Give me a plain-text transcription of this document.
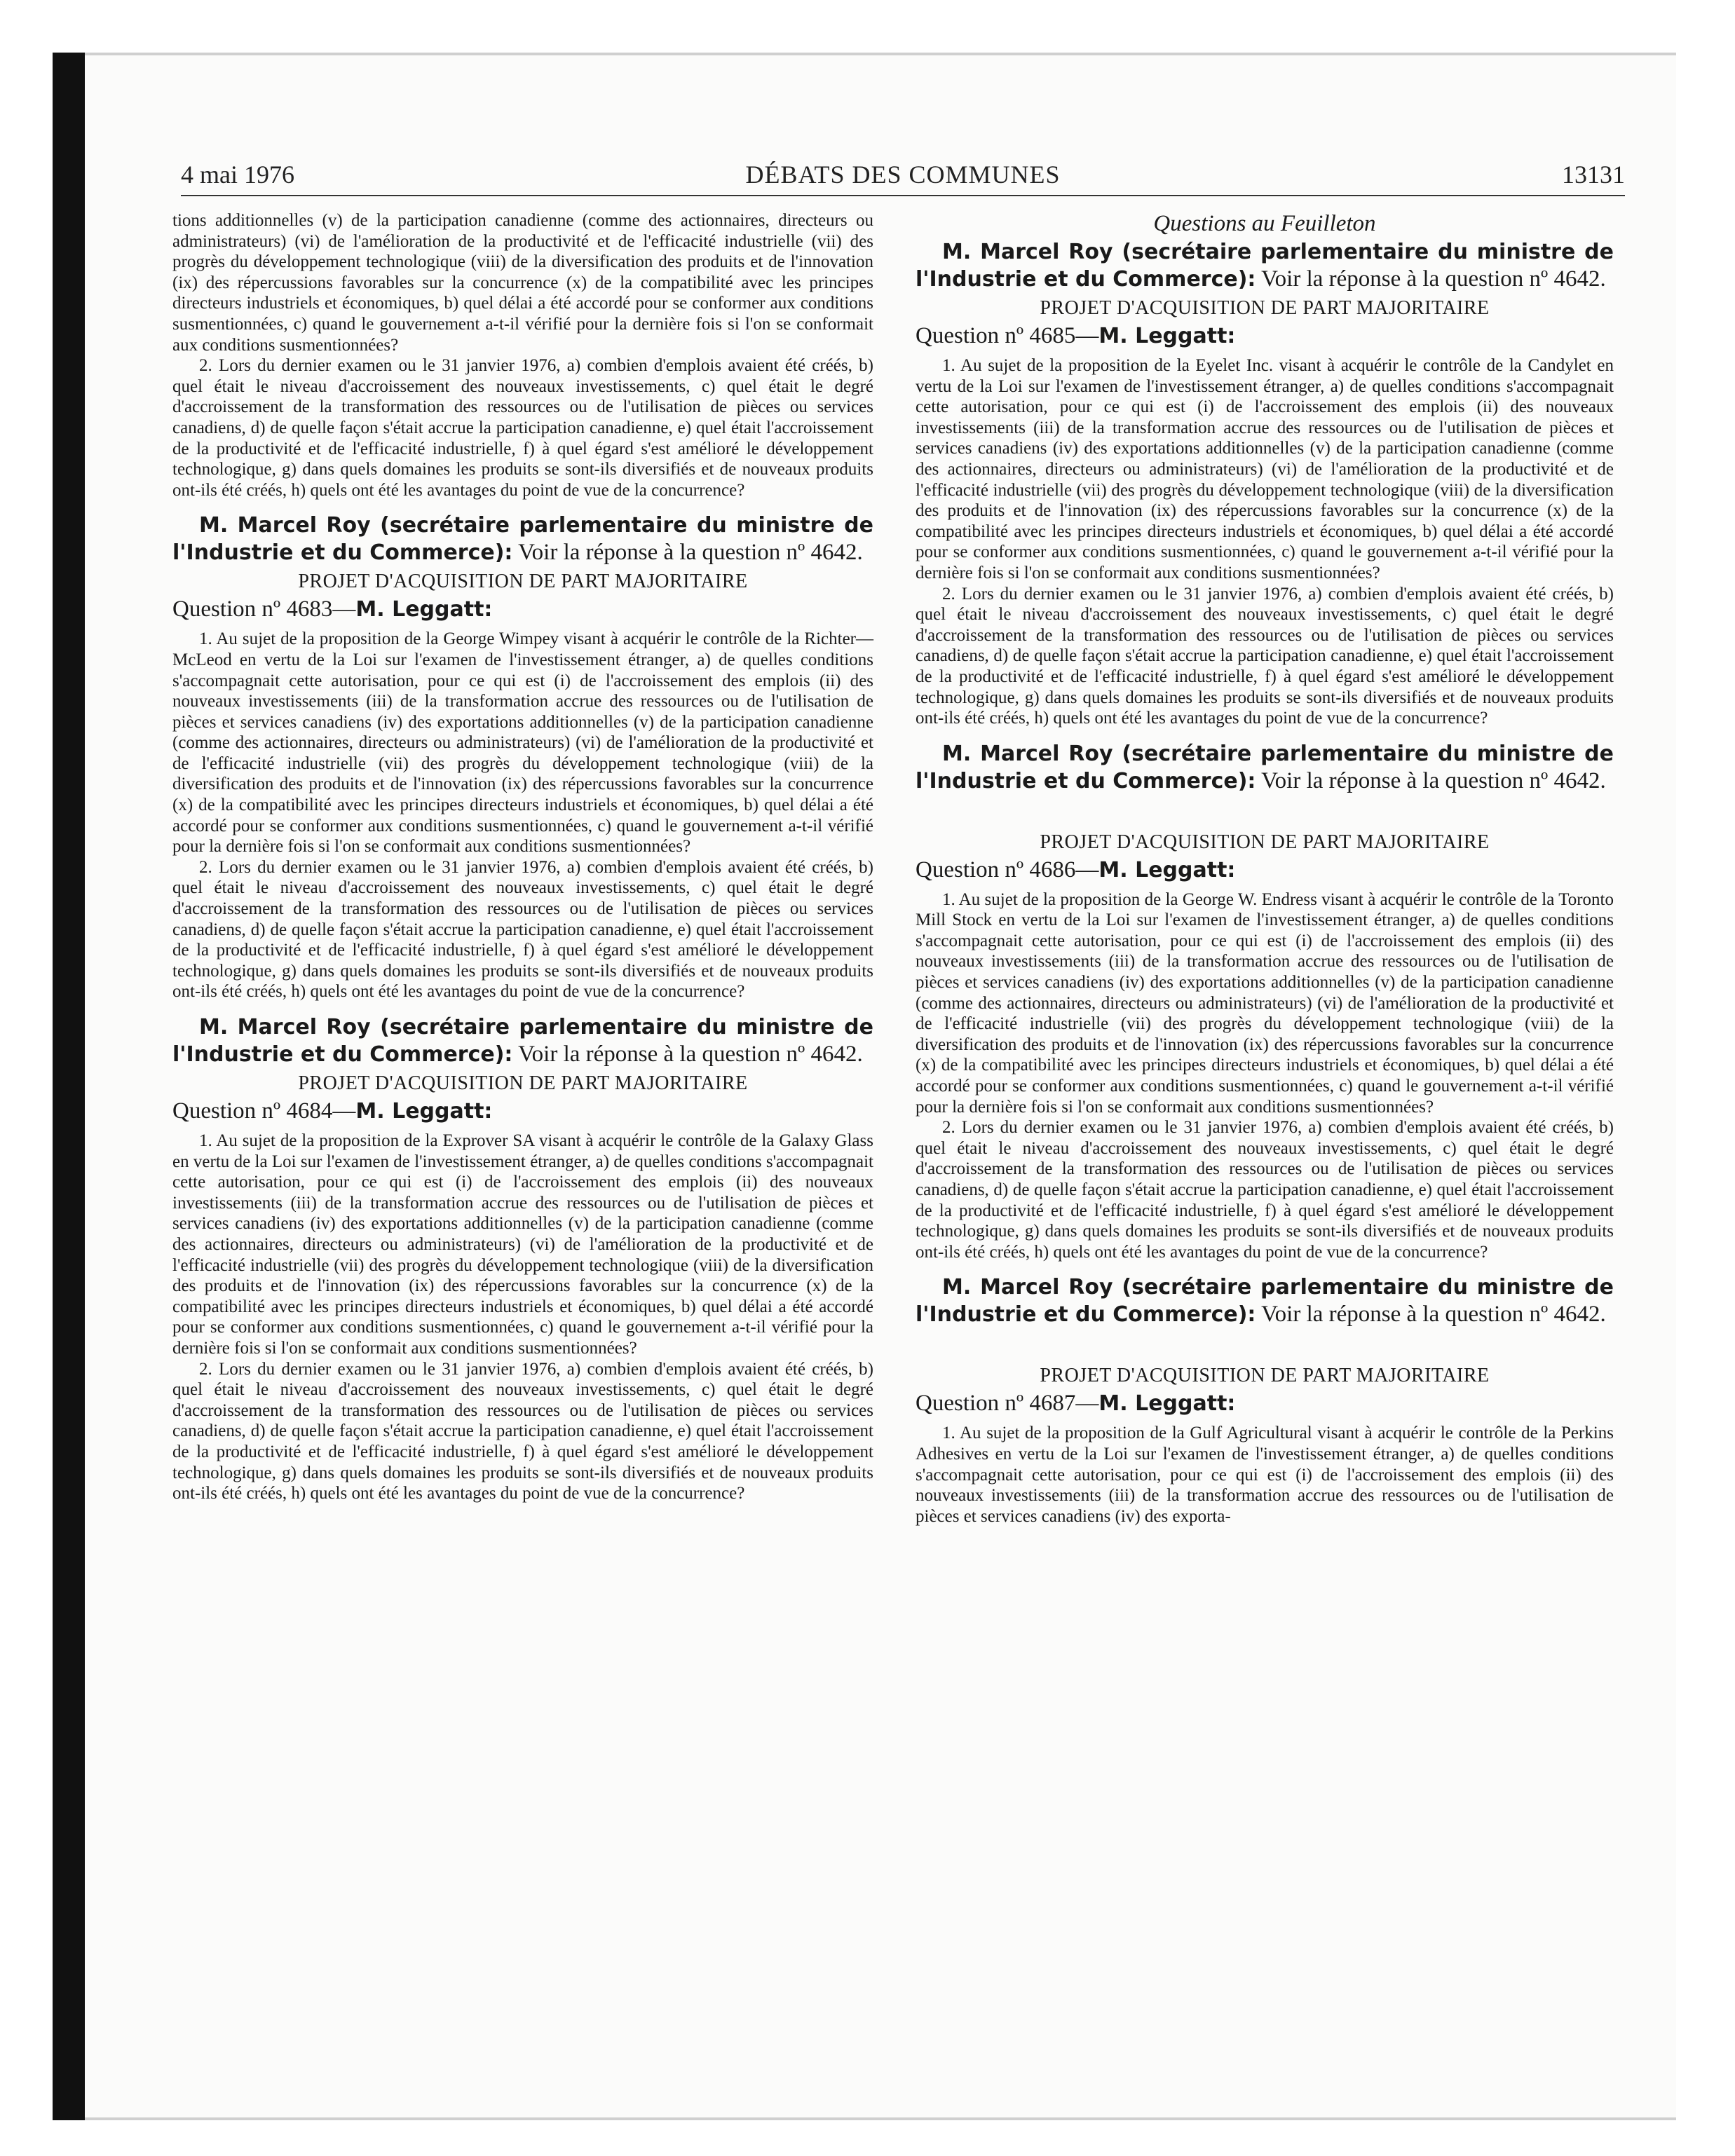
4 mai 1976	DÉBATS DES COMMUNES	13131

tions additionnelles (v) de la participation canadienne (comme des actionnaires, directeurs ou administrateurs) (vi) de l'amélioration de la productivité et de l'efficacité industrielle (vii) des progrès du développement technologique (viii) de la diversification des produits et de l'innovation (ix) des répercussions favorables sur la concurrence (x) de la compatibilité avec les principes directeurs industriels et économiques, b) quel délai a été accordé pour se conformer aux conditions susmentionnées, c) quand le gouvernement a-t-il vérifié pour la dernière fois si l'on se conformait aux conditions susmentionnées?

2. Lors du dernier examen ou le 31 janvier 1976, a) combien d'emplois avaient été créés, b) quel était le niveau d'accroissement des nouveaux investissements, c) quel était le degré d'accroissement de la transformation des ressources ou de l'utilisation de pièces ou services canadiens, d) de quelle façon s'était accrue la participation canadienne, e) quel était l'accroissement de la productivité et de l'efficacité industrielle, f) à quel égard s'est amélioré le développement technologique, g) dans quels domaines les produits se sont-ils diversifiés et de nouveaux produits ont-ils été créés, h) quels ont été les avantages du point de vue de la concurrence?

M. Marcel Roy (secrétaire parlementaire du ministre de l'Industrie et du Commerce): Voir la réponse à la question nº 4642.
PROJET D'ACQUISITION DE PART MAJORITAIRE
Question nº 4683—M. Leggatt:

1. Au sujet de la proposition de la George Wimpey visant à acquérir le contrôle de la Richter—McLeod en vertu de la Loi sur l'examen de l'investissement étranger, a) de quelles conditions s'accompagnait cette autorisation, pour ce qui est (i) de l'accroissement des emplois (ii) des nouveaux investissements (iii) de la transformation accrue des ressources ou de l'utilisation de pièces et services canadiens (iv) des exportations additionnelles (v) de la participation canadienne (comme des actionnaires, directeurs ou administrateurs) (vi) de l'amélioration de la productivité et de l'efficacité industrielle (vii) des progrès du développement technologique (viii) de la diversification des produits et de l'innovation (ix) des répercussions favorables sur la concurrence (x) de la compatibilité avec les principes directeurs industriels et économiques, b) quel délai a été accordé pour se conformer aux conditions susmentionnées, c) quand le gouvernement a-t-il vérifié pour la dernière fois si l'on se conformait aux conditions susmentionnées?

2. Lors du dernier examen ou le 31 janvier 1976, a) combien d'emplois avaient été créés, b) quel était le niveau d'accroissement des nouveaux investissements, c) quel était le degré d'accroissement de la transformation des ressources ou de l'utilisation de pièces ou services canadiens, d) de quelle façon s'était accrue la participation canadienne, e) quel était l'accroissement de la productivité et de l'efficacité industrielle, f) à quel égard s'est amélioré le développement technologique, g) dans quels domaines les produits se sont-ils diversifiés et de nouveaux produits ont-ils été créés, h) quels ont été les avantages du point de vue de la concurrence?

M. Marcel Roy (secrétaire parlementaire du ministre de l'Industrie et du Commerce): Voir la réponse à la question nº 4642.
PROJET D'ACQUISITION DE PART MAJORITAIRE
Question nº 4684—M. Leggatt:

1. Au sujet de la proposition de la Exprover SA visant à acquérir le contrôle de la Galaxy Glass en vertu de la Loi sur l'examen de l'investissement étranger, a) de quelles conditions s'accompagnait cette autorisation, pour ce qui est (i) de l'accroissement des emplois (ii) des nouveaux investissements (iii) de la transformation accrue des ressources ou de l'utilisation de pièces et services canadiens (iv) des exportations additionnelles (v) de la participation canadienne (comme des actionnaires, directeurs ou administrateurs) (vi) de l'amélioration de la productivité et de l'efficacité industrielle (vii) des progrès du développement technologique (viii) de la diversification des produits et de l'innovation (ix) des répercussions favorables sur la concurrence (x) de la compatibilité avec les principes directeurs industriels et économiques, b) quel délai a été accordé pour se conformer aux conditions susmentionnées, c) quand le gouvernement a-t-il vérifié pour la dernière fois si l'on se conformait aux conditions susmentionnées?

2. Lors du dernier examen ou le 31 janvier 1976, a) combien d'emplois avaient été créés, b) quel était le niveau d'accroissement des nouveaux investissements, c) quel était le degré d'accroissement de la transformation des ressources ou de l'utilisation de pièces ou services canadiens, d) de quelle façon s'était accrue la participation canadienne, e) quel était l'accroissement de la productivité et de l'efficacité industrielle, f) à quel égard s'est amélioré le développement technologique, g) dans quels domaines les produits se sont-ils diversifiés et de nouveaux produits ont-ils été créés, h) quels ont été les avantages du point de vue de la concurrence?

Questions au Feuilleton
M. Marcel Roy (secrétaire parlementaire du ministre de l'Industrie et du Commerce): Voir la réponse à la question nº 4642.
PROJET D'ACQUISITION DE PART MAJORITAIRE
Question nº 4685—M. Leggatt:

1. Au sujet de la proposition de la Eyelet Inc. visant à acquérir le contrôle de la Candylet en vertu de la Loi sur l'examen de l'investissement étranger, a) de quelles conditions s'accompagnait cette autorisation, pour ce qui est (i) de l'accroissement des emplois (ii) des nouveaux investissements (iii) de la transformation accrue des ressources ou de l'utilisation de pièces et services canadiens (iv) des exportations additionnelles (v) de la participation canadienne (comme des actionnaires, directeurs ou administrateurs) (vi) de l'amélioration de la productivité et de l'efficacité industrielle (vii) des progrès du développement technologique (viii) de la diversification des produits et de l'innovation (ix) des répercussions favorables sur la concurrence (x) de la compatibilité avec les principes directeurs industriels et économiques, b) quel délai a été accordé pour se conformer aux conditions susmentionnées, c) quand le gouvernement a-t-il vérifié pour la dernière fois si l'on se conformait aux conditions susmentionnées?

2. Lors du dernier examen ou le 31 janvier 1976, a) combien d'emplois avaient été créés, b) quel était le niveau d'accroissement des nouveaux investissements, c) quel était le degré d'accroissement de la transformation des ressources ou de l'utilisation de pièces ou services canadiens, d) de quelle façon s'était accrue la participation canadienne, e) quel était l'accroissement de la productivité et de l'efficacité industrielle, f) à quel égard s'est amélioré le développement technologique, g) dans quels domaines les produits se sont-ils diversifiés et de nouveaux produits ont-ils été créés, h) quels ont été les avantages du point de vue de la concurrence?

M. Marcel Roy (secrétaire parlementaire du ministre de l'Industrie et du Commerce): Voir la réponse à la question nº 4642.
PROJET D'ACQUISITION DE PART MAJORITAIRE
Question nº 4686—M. Leggatt:

1. Au sujet de la proposition de la George W. Endress visant à acquérir le contrôle de la Toronto Mill Stock en vertu de la Loi sur l'examen de l'investissement étranger, a) de quelles conditions s'accompagnait cette autorisation, pour ce qui est (i) de l'accroissement des emplois (ii) des nouveaux investissements (iii) de la transformation accrue des ressources ou de l'utilisation de pièces et services canadiens (iv) des exportations additionnelles (v) de la participation canadienne (comme des actionnaires, directeurs ou administrateurs) (vi) de l'amélioration de la productivité et de l'efficacité industrielle (vii) des progrès du développement technologique (viii) de la diversification des produits et de l'innovation (ix) des répercussions favorables sur la concurrence (x) de la compatibilité avec les principes directeurs industriels et économiques, b) quel délai a été accordé pour se conformer aux conditions susmentionnées, c) quand le gouvernement a-t-il vérifié pour la dernière fois si l'on se conformait aux conditions susmentionnées?

2. Lors du dernier examen ou le 31 janvier 1976, a) combien d'emplois avaient été créés, b) quel était le niveau d'accroissement des nouveaux investissements, c) quel était le degré d'accroissement de la transformation des ressources ou de l'utilisation de pièces ou services canadiens, d) de quelle façon s'était accrue la participation canadienne, e) quel était l'accroissement de la productivité et de l'efficacité industrielle, f) à quel égard s'est amélioré le développement technologique, g) dans quels domaines les produits se sont-ils diversifiés et de nouveaux produits ont-ils été créés, h) quels ont été les avantages du point de vue de la concurrence?

M. Marcel Roy (secrétaire parlementaire du ministre de l'Industrie et du Commerce): Voir la réponse à la question nº 4642.
PROJET D'ACQUISITION DE PART MAJORITAIRE
Question nº 4687—M. Leggatt:

1. Au sujet de la proposition de la Gulf Agricultural visant à acquérir le contrôle de la Perkins Adhesives en vertu de la Loi sur l'examen de l'investissement étranger, a) de quelles conditions s'accompagnait cette autorisation, pour ce qui est (i) de l'accroissement des emplois (ii) des nouveaux investissements (iii) de la transformation accrue des ressources ou de l'utilisation de pièces et services canadiens (iv) des exporta-
